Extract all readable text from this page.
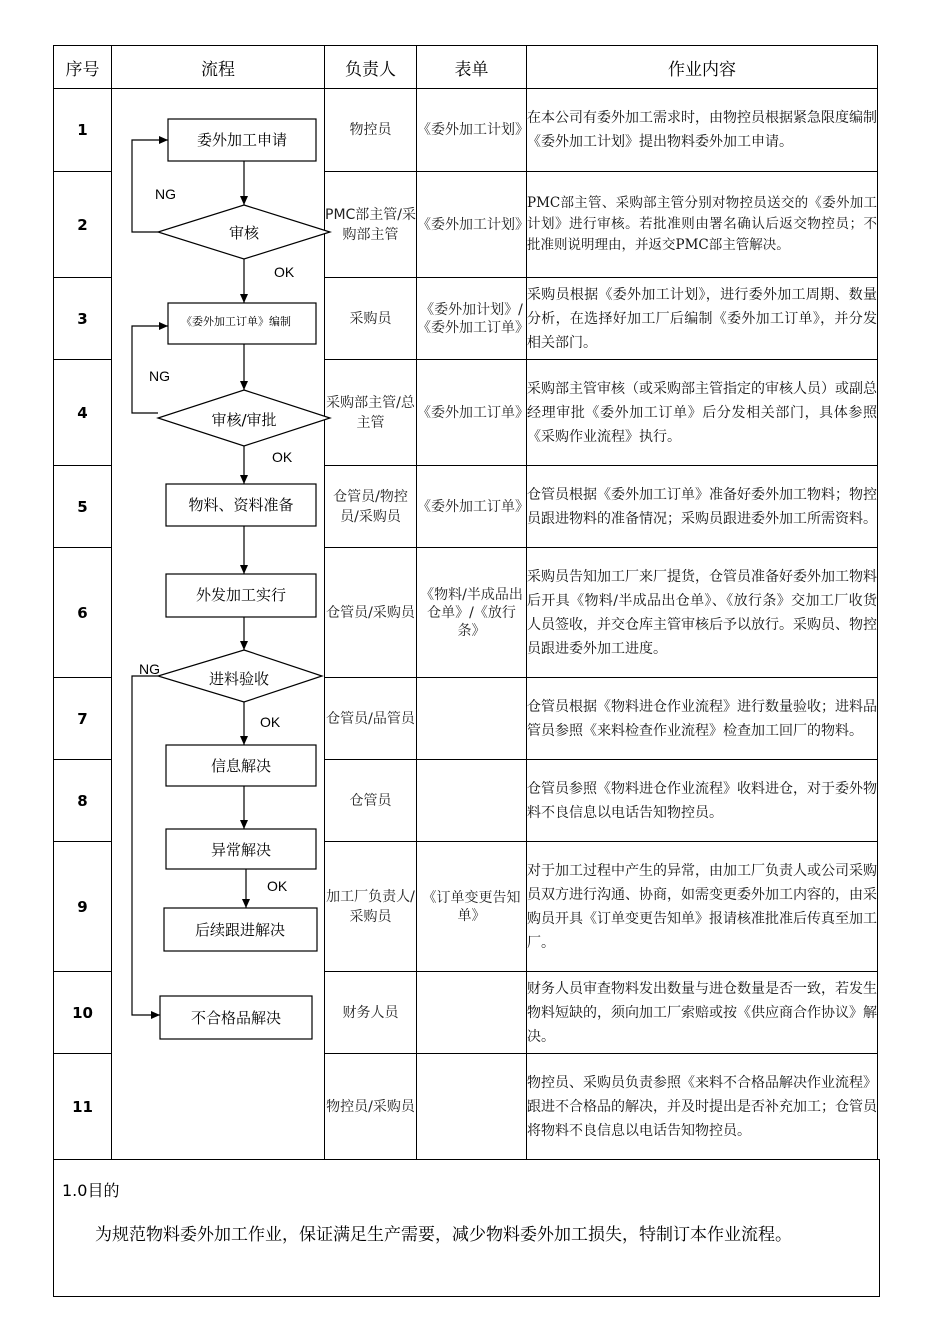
序号	流程	负责人	表单	作业内容
1		物控员	《委外加工计划》	在本公司有委外加工需求时，由物控员根据紧急限度编制《委外加工计划》提出物料委外加工申请。
2		PMC部主管/采购部主管	《委外加工计划》	PMC部主管、采购部主管分别对物控员送交的《委外加工计划》进行审核。若批准则由署名确认后返交物控员；不批准则说明理由，并返交PMC部主管解决。
3		采购员	《委外加计划》/《委外加工订单》	采购员根据《委外加工计划》，进行委外加工周期、数量分析，在选择好加工厂后编制《委外加工订单》，并分发相关部门。
4		采购部主管/总主管	《委外加工订单》	采购部主管审核（或采购部主管指定的审核人员）或副总经理审批《委外加工订单》后分发相关部门，具体参照《采购作业流程》执行。
5		仓管员/物控员/采购员	《委外加工订单》	仓管员根据《委外加工订单》准备好委外加工物料；物控员跟进物料的准备情况；采购员跟进委外加工所需资料。
6		仓管员/采购员	《物料/半成品出仓单》/《放行条》	采购员告知加工厂来厂提货，仓管员准备好委外加工物料后开具《物料/半成品出仓单》、《放行条》交加工厂收货人员签收，并交仓库主管审核后予以放行。采购员、物控员跟进委外加工进度。
7		仓管员/品管员		仓管员根据《物料进仓作业流程》进行数量验收；进料品管员参照《来料检查作业流程》检查加工回厂的物料。
8		仓管员		仓管员参照《物料进仓作业流程》收料进仓，对于委外物料不良信息以电话告知物控员。
9		加工厂负责人/采购员	《订单变更告知单》	对于加工过程中产生的异常，由加工厂负责人或公司采购员双方进行沟通、协商，如需变更委外加工内容的，由采购员开具《订单变更告知单》报请核准批准后传真至加工厂。
10		财务人员		财务人员审查物料发出数量与进仓数量是否一致，若发生物料短缺的，须向加工厂索赔或按《供应商合作协议》解决。
11		物控员/采购员		物控员、采购员负责参照《来料不合格品解决作业流程》跟进不合格品的解决，并及时提出是否补充加工；仓管员将物料不良信息以电话告知物控员。
委外加工申请
审核
NG
OK
《委外加工订单》编制
审核/审批
NG
OK
物料、资料准备
外发加工实行
进料验收
NG
OK
信息解决
异常解决
OK
后续跟进解决
不合格品解决
1.0目的
为规范物料委外加工作业，保证满足生产需要，减少物料委外加工损失，特制订本作业流程。
